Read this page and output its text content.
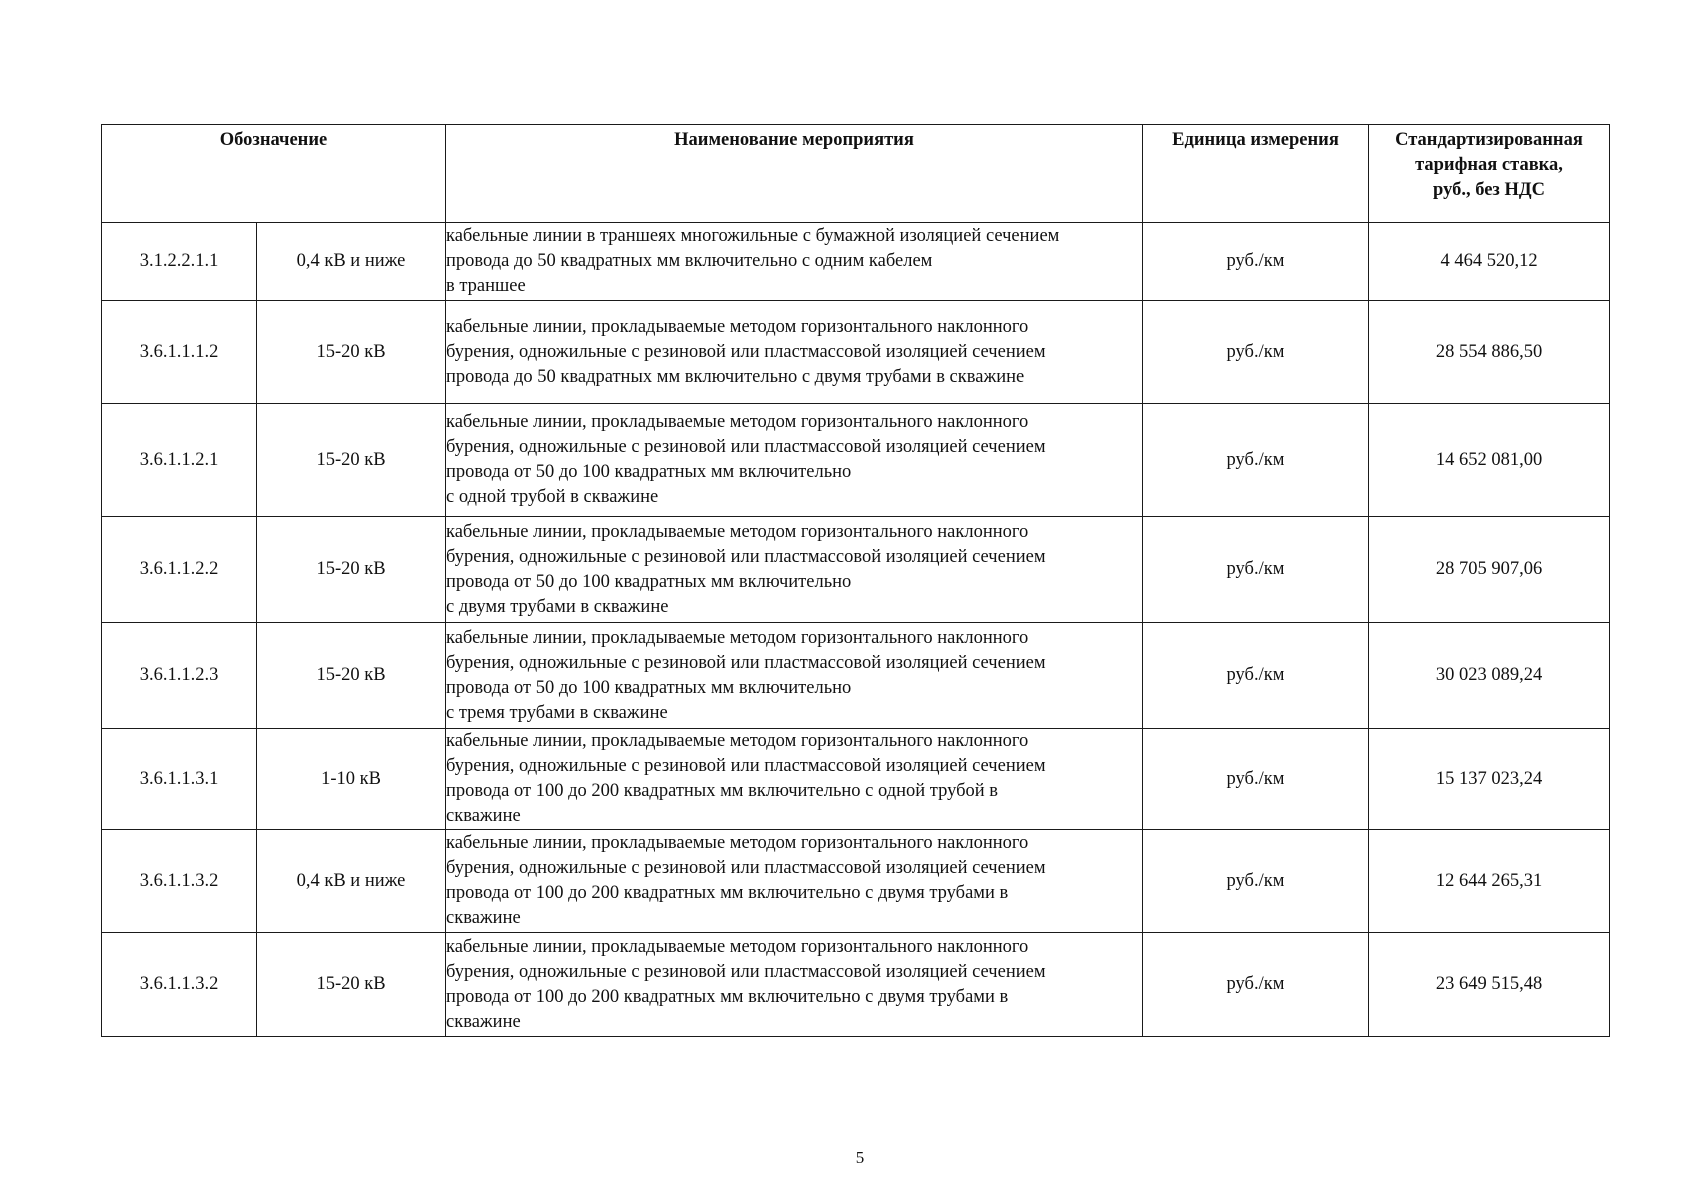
Обозначение		Наименование мероприятия	Единица измерения	Стандартизированная
тарифная ставка,
руб., без НДС

3.1.2.2.1.1	0,4 кВ и ниже	кабельные линии в траншеях многожильные с бумажной изоляцией сечением
провода до 50 квадратных мм включительно с одним кабелем
в траншее	руб./км	4 464 520,12
3.6.1.1.1.2	15-20 кВ	кабельные линии, прокладываемые методом горизонтального наклонного
бурения, одножильные с резиновой или пластмассовой изоляцией сечением
провода до 50 квадратных мм включительно с двумя трубами в скважине	руб./км	28 554 886,50
3.6.1.1.2.1	15-20 кВ	кабельные линии, прокладываемые методом горизонтального наклонного
бурения, одножильные с резиновой или пластмассовой изоляцией сечением
провода от 50 до 100 квадратных мм включительно
с одной трубой в скважине	руб./км	14 652 081,00
3.6.1.1.2.2	15-20 кВ	кабельные линии, прокладываемые методом горизонтального наклонного
бурения, одножильные с резиновой или пластмассовой изоляцией сечением
провода от 50 до 100 квадратных мм включительно
с двумя трубами в скважине	руб./км	28 705 907,06
3.6.1.1.2.3	15-20 кВ	кабельные линии, прокладываемые методом горизонтального наклонного
бурения, одножильные с резиновой или пластмассовой изоляцией сечением
провода от 50 до 100 квадратных мм включительно
с тремя трубами в скважине	руб./км	30 023 089,24
3.6.1.1.3.1	1-10 кВ	кабельные линии, прокладываемые методом горизонтального наклонного
бурения, одножильные с резиновой или пластмассовой изоляцией сечением
провода от 100 до 200 квадратных мм включительно с одной трубой в
скважине	руб./км	15 137 023,24
3.6.1.1.3.2	0,4 кВ и ниже	кабельные линии, прокладываемые методом горизонтального наклонного
бурения, одножильные с резиновой или пластмассовой изоляцией сечением
провода от 100 до 200 квадратных мм включительно с двумя трубами в
скважине	руб./км	12 644 265,31
3.6.1.1.3.2	15-20 кВ	кабельные линии, прокладываемые методом горизонтального наклонного
бурения, одножильные с резиновой или пластмассовой изоляцией сечением
провода от 100 до 200 квадратных мм включительно с двумя трубами в
скважине	руб./км	23 649 515,48
5
